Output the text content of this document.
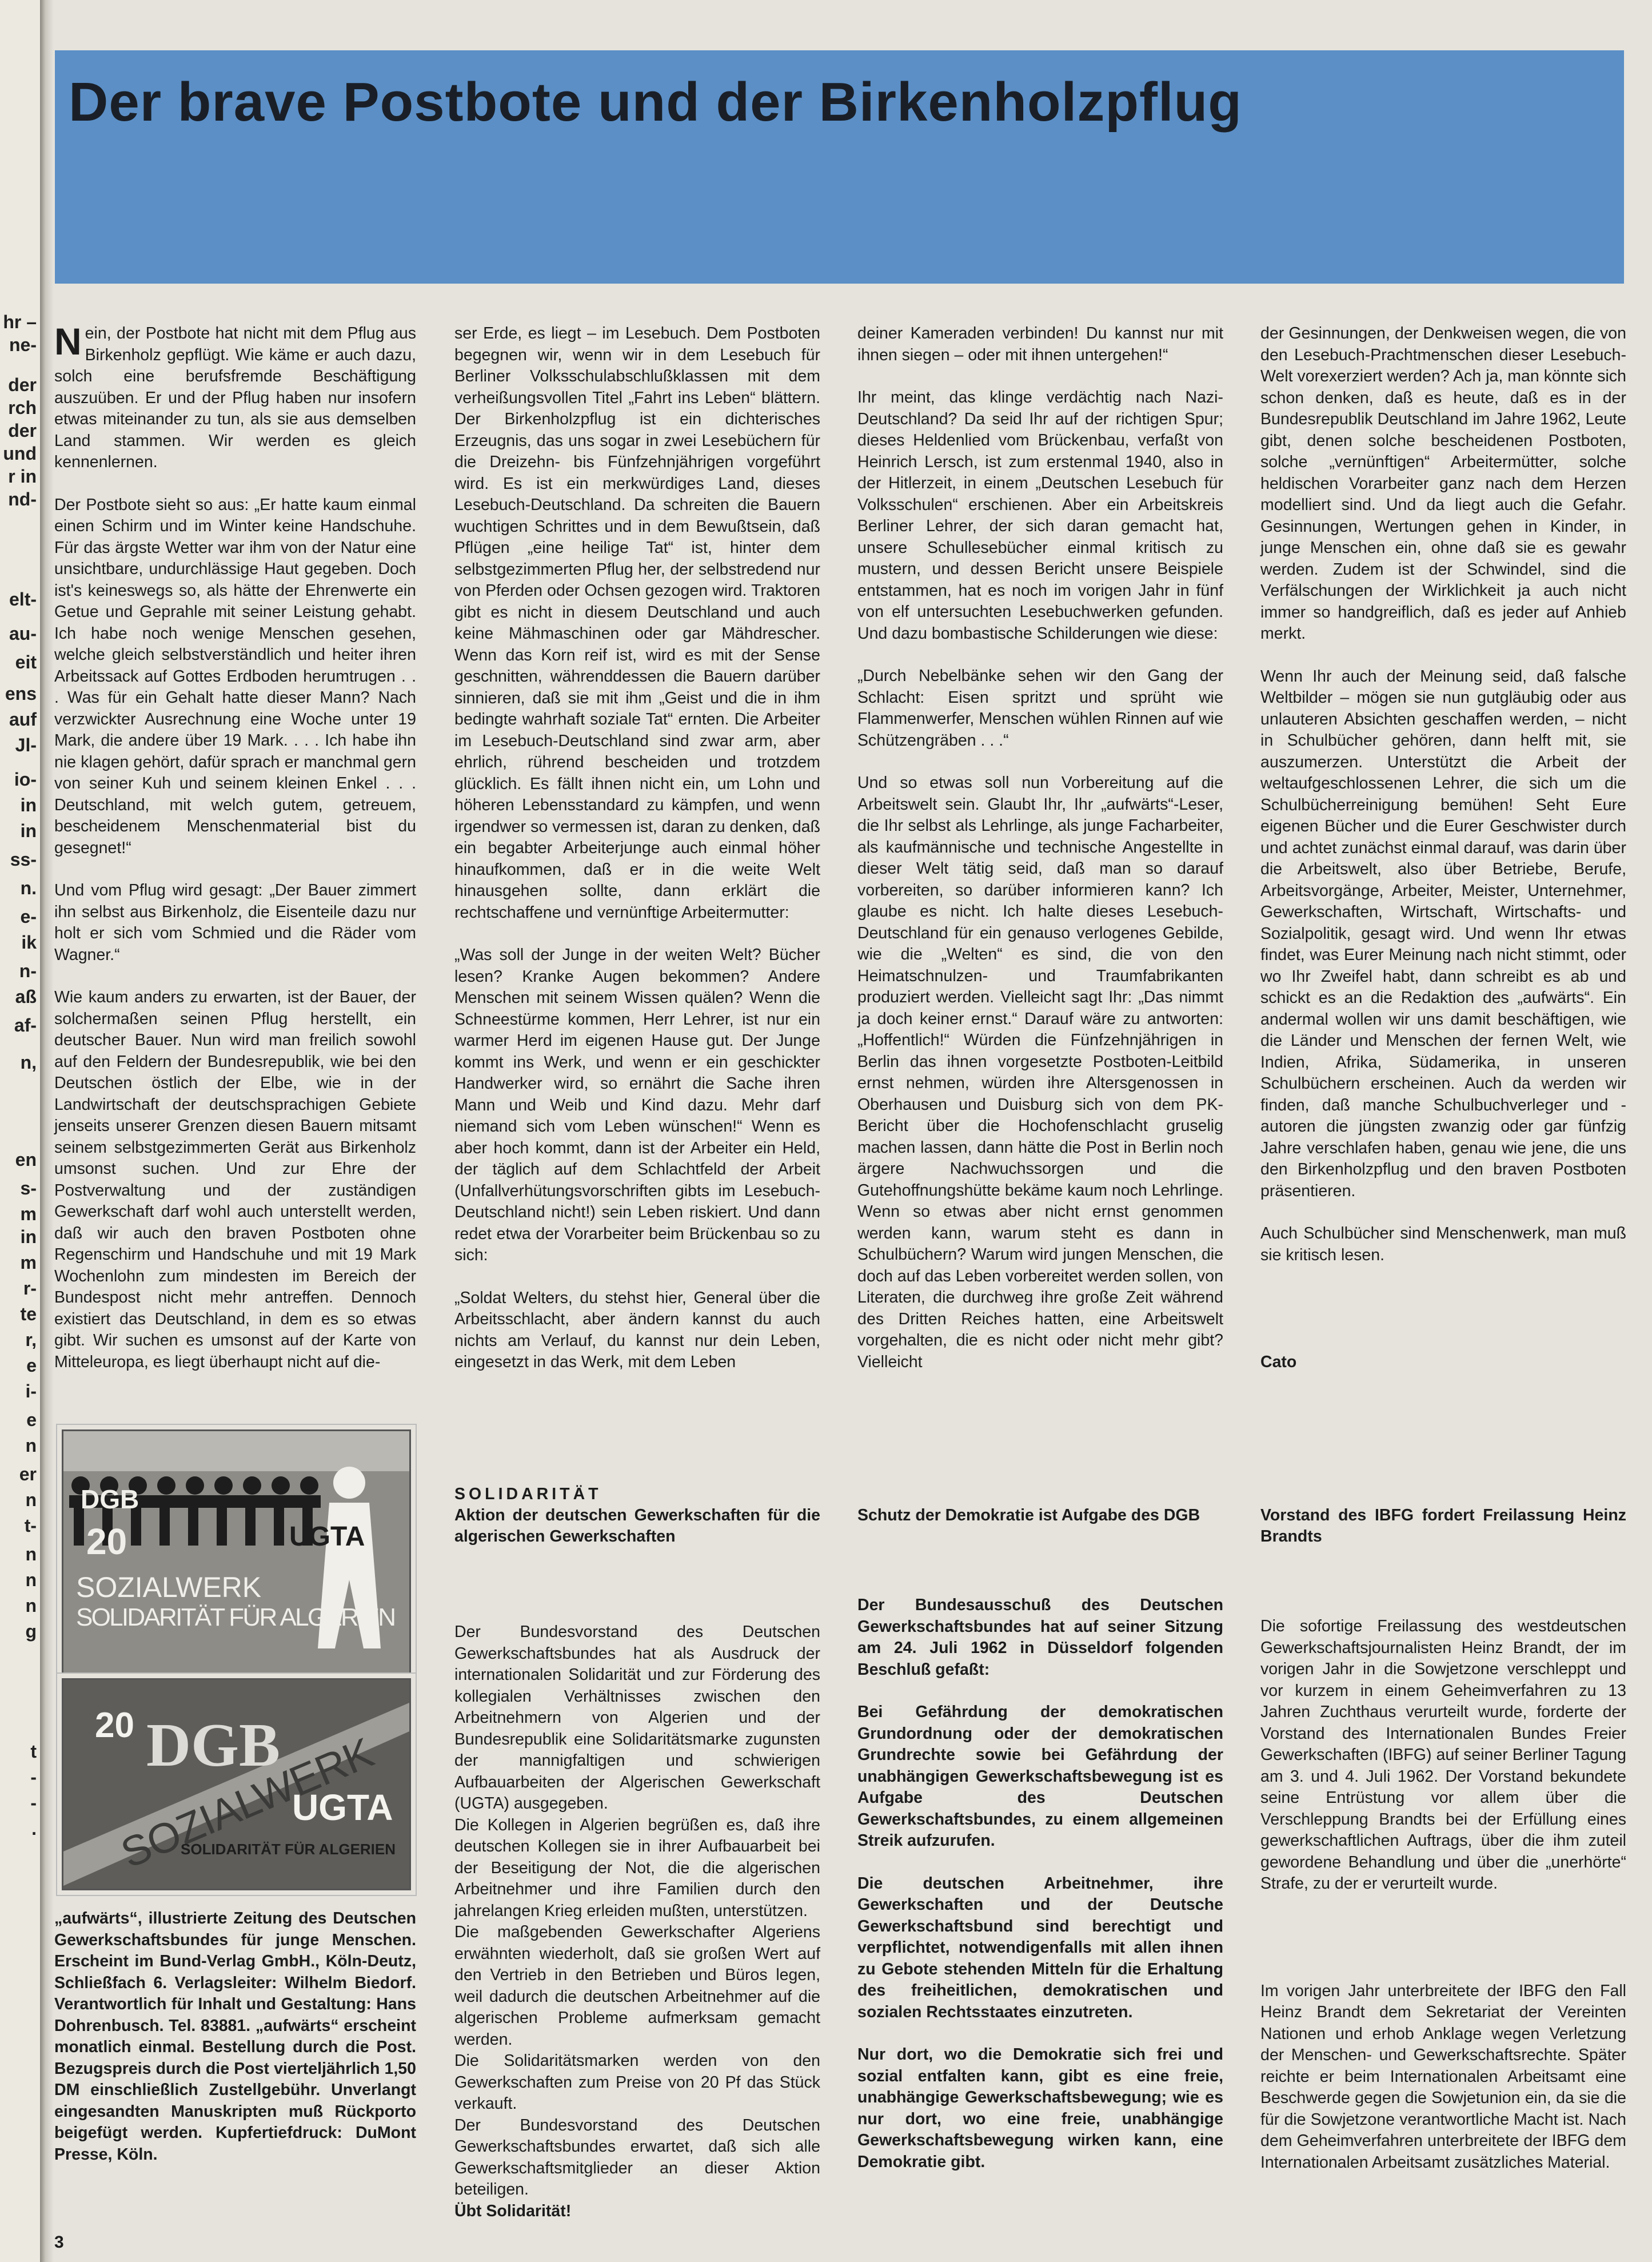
hr –
ne-
der
rch
der
und
r in
nd-
elt-
au-
eit
ens
auf
Jl-
io-
in
in
ss-
n.
e-
ik
n-
aß
af-
n,
en
s-
m
in
m
r-
te
r,
e
i-
e
n
er
n
t-
n
n
n
g
t
-
-
.
Der brave Postbote und der Birkenholzpflug

Nein, der Postbote hat nicht mit dem Pflug aus Birkenholz gepflügt. Wie käme er auch dazu, solch eine berufsfremde Beschäftigung auszuüben. Er und der Pflug haben nur insofern etwas miteinander zu tun, als sie aus demselben Land stammen. Wir werden es gleich kennenlernen.

Der Postbote sieht so aus: „Er hatte kaum einmal einen Schirm und im Winter keine Handschuhe. Für das ärgste Wetter war ihm von der Natur eine unsichtbare, undurchlässige Haut gegeben. Doch ist's keineswegs so, als hätte der Ehrenwerte ein Getue und Geprahle mit seiner Leistung gehabt. Ich habe noch wenige Menschen gesehen, welche gleich selbstverständlich und heiter ihren Arbeitssack auf Gottes Erdboden herumtrugen . . . Was für ein Gehalt hatte dieser Mann? Nach verzwickter Ausrechnung eine Woche unter 19 Mark, die andere über 19 Mark. . . . Ich habe ihn nie klagen gehört, dafür sprach er manchmal gern von seiner Kuh und seinem kleinen Enkel . . . Deutschland, mit welch gutem, getreuem, bescheidenem Menschenmaterial bist du gesegnet!“

Und vom Pflug wird gesagt: „Der Bauer zimmert ihn selbst aus Birkenholz, die Eisenteile dazu nur holt er sich vom Schmied und die Räder vom Wagner.“

Wie kaum anders zu erwarten, ist der Bauer, der solchermaßen seinen Pflug herstellt, ein deutscher Bauer. Nun wird man freilich sowohl auf den Feldern der Bundesrepublik, wie bei den Deutschen östlich der Elbe, wie in der Landwirtschaft der deutschsprachigen Gebiete jenseits unserer Grenzen diesen Bauern mitsamt seinem selbstgezimmerten Gerät aus Birkenholz umsonst suchen. Und zur Ehre der Postverwaltung und der zuständigen Gewerkschaft darf wohl auch unterstellt werden, daß wir auch den braven Postboten ohne Regenschirm und Handschuhe und mit 19 Mark Wochenlohn zum mindesten im Bereich der Bundespost nicht mehr antreffen. Dennoch existiert das Deutschland, in dem es so etwas gibt. Wir suchen es umsonst auf der Karte von Mitteleuropa, es liegt überhaupt nicht auf die-

ser Erde, es liegt – im Lesebuch. Dem Postboten begegnen wir, wenn wir in dem Lesebuch für Berliner Volksschulabschlußklassen mit dem verheißungsvollen Titel „Fahrt ins Leben“ blättern. Der Birkenholzpflug ist ein dichterisches Erzeugnis, das uns sogar in zwei Lesebüchern für die Dreizehn- bis Fünfzehnjährigen vorgeführt wird. Es ist ein merkwürdiges Land, dieses Lesebuch-Deutschland. Da schreiten die Bauern wuchtigen Schrittes und in dem Bewußtsein, daß Pflügen „eine heilige Tat“ ist, hinter dem selbstgezimmerten Pflug her, der selbstredend nur von Pferden oder Ochsen gezogen wird. Traktoren gibt es nicht in diesem Deutschland und auch keine Mähmaschinen oder gar Mähdrescher. Wenn das Korn reif ist, wird es mit der Sense geschnitten, währenddessen die Bauern darüber sinnieren, daß sie mit ihm „Geist und die in ihm bedingte wahrhaft soziale Tat“ ernten. Die Arbeiter im Lesebuch-Deutschland sind zwar arm, aber ehrlich, rührend bescheiden und trotzdem glücklich. Es fällt ihnen nicht ein, um Lohn und höheren Lebensstandard zu kämpfen, und wenn irgendwer so vermessen ist, daran zu denken, daß ein begabter Arbeiterjunge auch einmal höher hinaufkommen, daß er in die weite Welt hinausgehen sollte, dann erklärt die rechtschaffene und vernünftige Arbeitermutter:

„Was soll der Junge in der weiten Welt? Bücher lesen? Kranke Augen bekommen? Andere Menschen mit seinem Wissen quälen? Wenn die Schneestürme kommen, Herr Lehrer, ist nur ein warmer Herd im eigenen Hause gut. Der Junge kommt ins Werk, und wenn er ein geschickter Handwerker wird, so ernährt die Sache ihren Mann und Weib und Kind dazu. Mehr darf niemand sich vom Leben wünschen!“ Wenn es aber hoch kommt, dann ist der Arbeiter ein Held, der täglich auf dem Schlachtfeld der Arbeit (Unfallverhütungsvorschriften gibts im Lesebuch-Deutschland nicht!) sein Leben riskiert. Und dann redet etwa der Vorarbeiter beim Brückenbau so zu sich:

„Soldat Welters, du stehst hier, General über die Arbeitsschlacht, aber ändern kannst du auch nichts am Verlauf, du kannst nur dein Leben, eingesetzt in das Werk, mit dem Leben

deiner Kameraden verbinden! Du kannst nur mit ihnen siegen – oder mit ihnen untergehen!“

Ihr meint, das klinge verdächtig nach Nazi-Deutschland? Da seid Ihr auf der richtigen Spur; dieses Heldenlied vom Brückenbau, verfaßt von Heinrich Lersch, ist zum erstenmal 1940, also in der Hitlerzeit, in einem „Deutschen Lesebuch für Volksschulen“ erschienen. Aber ein Arbeitskreis Berliner Lehrer, der sich daran gemacht hat, unsere Schullesebücher einmal kritisch zu mustern, und dessen Bericht unsere Beispiele entstammen, hat es noch im vorigen Jahr in fünf von elf untersuchten Lesebuchwerken gefunden. Und dazu bombastische Schilderungen wie diese:

„Durch Nebelbänke sehen wir den Gang der Schlacht: Eisen spritzt und sprüht wie Flammenwerfer, Menschen wühlen Rinnen auf wie Schützengräben . . .“

Und so etwas soll nun Vorbereitung auf die Arbeitswelt sein. Glaubt Ihr, Ihr „aufwärts“-Leser, die Ihr selbst als Lehrlinge, als junge Facharbeiter, als kaufmännische und technische Angestellte in dieser Welt tätig seid, daß man so darauf vorbereiten, so darüber informieren kann? Ich glaube es nicht. Ich halte dieses Lesebuch-Deutschland für ein genauso verlogenes Gebilde, wie die „Welten“ es sind, die von den Heimatschnulzen- und Traumfabrikanten produziert werden. Vielleicht sagt Ihr: „Das nimmt ja doch keiner ernst.“ Darauf wäre zu antworten: „Hoffentlich!“ Würden die Fünfzehnjährigen in Berlin das ihnen vorgesetzte Postboten-Leitbild ernst nehmen, würden ihre Altersgenossen in Oberhausen und Duisburg sich von dem PK-Bericht über die Hochofenschlacht gruselig machen lassen, dann hätte die Post in Berlin noch ärgere Nachwuchssorgen und die Gutehoffnungshütte bekäme kaum noch Lehrlinge. Wenn so etwas aber nicht ernst genommen werden kann, warum steht es dann in Schulbüchern? Warum wird jungen Menschen, die doch auf das Leben vorbereitet werden sollen, von Literaten, die durchweg ihre große Zeit während des Dritten Reiches hatten, eine Arbeitswelt vorgehalten, die es nicht oder nicht mehr gibt? Vielleicht

der Gesinnungen, der Denkweisen wegen, die von den Lesebuch-Prachtmenschen dieser Lesebuch-Welt vorexerziert werden? Ach ja, man könnte sich schon denken, daß es heute, daß es in der Bundesrepublik Deutschland im Jahre 1962, Leute gibt, denen solche bescheidenen Postboten, solche „vernünftigen“ Arbeitermütter, solche heldischen Vorarbeiter ganz nach dem Herzen modelliert sind. Und da liegt auch die Gefahr. Gesinnungen, Wertungen gehen in Kinder, in junge Menschen ein, ohne daß sie es gewahr werden. Zudem ist der Schwindel, sind die Verfälschungen der Wirklichkeit ja auch nicht immer so handgreiflich, daß es jeder auf Anhieb merkt.

Wenn Ihr auch der Meinung seid, daß falsche Weltbilder – mögen sie nun gutgläubig oder aus unlauteren Absichten geschaffen werden, – nicht in Schulbücher gehören, dann helft mit, sie auszumerzen. Unterstützt die Arbeit der weltaufgeschlossenen Lehrer, die sich um die Schulbücherreinigung bemühen! Seht Eure eigenen Bücher und die Eurer Geschwister durch und achtet zunächst einmal darauf, was darin über die Arbeitswelt, also über Betriebe, Berufe, Arbeitsvorgänge, Arbeiter, Meister, Unternehmer, Gewerkschaften, Wirtschaft, Wirtschafts- und Sozialpolitik, gesagt wird. Und wenn Ihr etwas findet, was Eurer Meinung nach nicht stimmt, oder wo Ihr Zweifel habt, dann schreibt es ab und schickt es an die Redaktion des „aufwärts“. Ein andermal wollen wir uns damit beschäftigen, wie die Länder und Menschen der fernen Welt, wie Indien, Afrika, Südamerika, in unseren Schulbüchern erscheinen. Auch da werden wir finden, daß manche Schulbuchverleger und -autoren die jüngsten zwanzig oder gar fünfzig Jahre verschlafen haben, genau wie jene, die uns den Birkenholzpflug und den braven Postboten präsentieren.

Auch Schulbücher sind Menschenwerk, man muß sie kritisch lesen.

Cato

DGB
20	UGTA
SOZIALWERK
SOLIDARITÄT FÜR ALGERIEN
20 DGB
SOZIALWERK
UGTA
SOLIDARITÄT FÜR ALGERIEN

„aufwärts“, illustrierte Zeitung des Deutschen Gewerkschaftsbundes für junge Menschen. Erscheint im Bund-Verlag GmbH., Köln-Deutz, Schließfach 6. Verlagsleiter: Wilhelm Biedorf. Verantwortlich für Inhalt und Gestaltung: Hans Dohrenbusch. Tel. 83881. „aufwärts“ erscheint monatlich einmal. Bestellung durch die Post. Bezugspreis durch die Post vierteljährlich 1,50 DM einschließlich Zustellgebühr. Unverlangt eingesandten Manuskripten muß Rückporto beigefügt werden. Kupfertiefdruck: DuMont Presse, Köln.

SOLIDARITÄT
Aktion der deutschen Gewerkschaften für die algerischen Gewerkschaften
Der Bundesvorstand des Deutschen Gewerkschaftsbundes hat als Ausdruck der internationalen Solidarität und zur Förderung des kollegialen Verhältnisses zwischen den Arbeitnehmern von Algerien und der Bundesrepublik eine Solidaritätsmarke zugunsten der mannigfaltigen und schwierigen Aufbauarbeiten der Algerischen Gewerkschaft (UGTA) ausgegeben.
Die Kollegen in Algerien begrüßen es, daß ihre deutschen Kollegen sie in ihrer Aufbauarbeit bei der Beseitigung der Not, die die algerischen Arbeitnehmer und ihre Familien durch den jahrelangen Krieg erleiden mußten, unterstützen.
Die maßgebenden Gewerkschafter Algeriens erwähnten wiederholt, daß sie großen Wert auf den Vertrieb in den Betrieben und Büros legen, weil dadurch die deutschen Arbeitnehmer auf die algerischen Probleme aufmerksam gemacht werden.
Die Solidaritätsmarken werden von den Gewerkschaften zum Preise von 20 Pf das Stück verkauft.
Der Bundesvorstand des Deutschen Gewerkschaftsbundes erwartet, daß sich alle Gewerkschaftsmitglieder an dieser Aktion beteiligen.
Übt Solidarität!
Schutz der Demokratie ist Aufgabe des DGB

Der Bundesausschuß des Deutschen Gewerkschaftsbundes hat auf seiner Sitzung am 24. Juli 1962 in Düsseldorf folgenden Beschluß gefaßt:

Bei Gefährdung der demokratischen Grundordnung oder der demokratischen Grundrechte sowie bei Gefährdung der unabhängigen Gewerkschaftsbewegung ist es Aufgabe des Deutschen Gewerkschaftsbundes, zu einem allgemeinen Streik aufzurufen.

Die deutschen Arbeitnehmer, ihre Gewerkschaften und der Deutsche Gewerkschaftsbund sind berechtigt und verpflichtet, notwendigenfalls mit allen ihnen zu Gebote stehenden Mitteln für die Erhaltung des freiheitlichen, demokratischen und sozialen Rechtsstaates einzutreten.

Nur dort, wo die Demokratie sich frei und sozial entfalten kann, gibt es eine freie, unabhängige Gewerkschaftsbewegung; wie es nur dort, wo eine freie, unabhängige Gewerkschaftsbewegung wirken kann, eine Demokratie gibt.

Vorstand des IBFG fordert Freilassung Heinz Brandts

Die sofortige Freilassung des westdeutschen Gewerkschaftsjournalisten Heinz Brandt, der im vorigen Jahr in die Sowjetzone verschleppt und vor kurzem in einem Geheimverfahren zu 13 Jahren Zuchthaus verurteilt wurde, forderte der Vorstand des Internationalen Bundes Freier Gewerkschaften (IBFG) auf seiner Berliner Tagung am 3. und 4. Juli 1962. Der Vorstand bekundete seine Entrüstung vor allem über die Verschleppung Brandts bei der Erfüllung eines gewerkschaftlichen Auftrags, über die ihm zuteil gewordene Behandlung und über die „unerhörte“ Strafe, zu der er verurteilt wurde.

Im vorigen Jahr unterbreitete der IBFG den Fall Heinz Brandt dem Sekretariat der Vereinten Nationen und erhob Anklage wegen Verletzung der Menschen- und Gewerkschaftsrechte. Später reichte er beim Internationalen Arbeitsamt eine Beschwerde gegen die Sowjetunion ein, da sie die für die Sowjetzone verantwortliche Macht ist. Nach dem Geheimverfahren unterbreitete der IBFG dem Internationalen Arbeitsamt zusätzliches Material.

3
